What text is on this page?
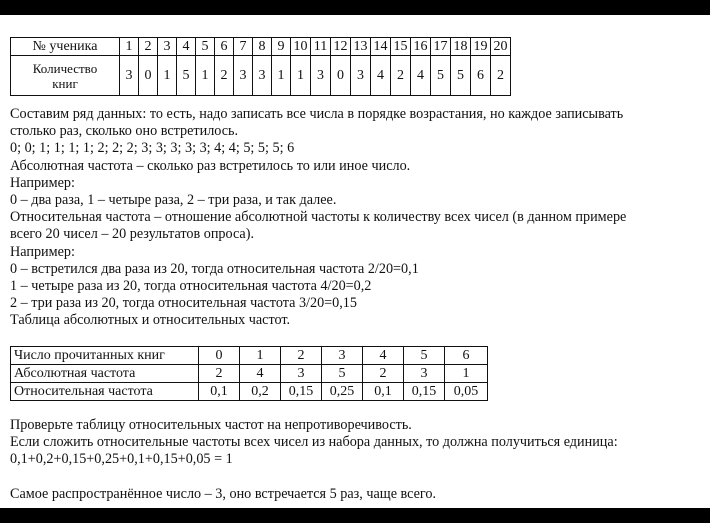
№ ученика	1	2	3	4	5	6	7	8	9	10	11	12	13	14	15	16	17	18	19	20
Количество
книг	3	0	1	5	1	2	3	3	1	1	3	0	3	4	2	4	5	5	6	2

Составим ряд данных: то есть, надо записать все числа в порядке возрастания, но каждое записывать

столько раз, сколько оно встретилось.

0; 0; 1; 1; 1; 1; 2; 2; 2; 3; 3; 3; 3; 3; 4; 4; 5; 5; 5; 6

Абсолютная частота – сколько раз встретилось то или иное число.

Например:

0 – два раза, 1 – четыре раза, 2 – три раза, и так далее.

Относительная частота – отношение абсолютной частоты к количеству всех чисел (в данном примере

всего 20 чисел – 20 результатов опроса).

Например:

0 – встретился два раза из 20, тогда относительная частота 2/20=0,1

1 – четыре раза из 20, тогда относительная частота 4/20=0,2

2 – три раза из 20, тогда относительная частота 3/20=0,15

Таблица абсолютных и относительных частот.

Число прочитанных книг	0	1	2	3	4	5	6
Абсолютная частота	2	4	3	5	2	3	1
Относительная частота	0,1	0,2	0,15	0,25	0,1	0,15	0,05

Проверьте таблицу относительных частот на непротиворечивость.

Если сложить относительные частоты всех чисел из набора данных, то должна получиться единица:

0,1+0,2+0,15+0,25+0,1+0,15+0,05 = 1

Самое распространённое число – 3, оно встречается 5 раз, чаще всего.
